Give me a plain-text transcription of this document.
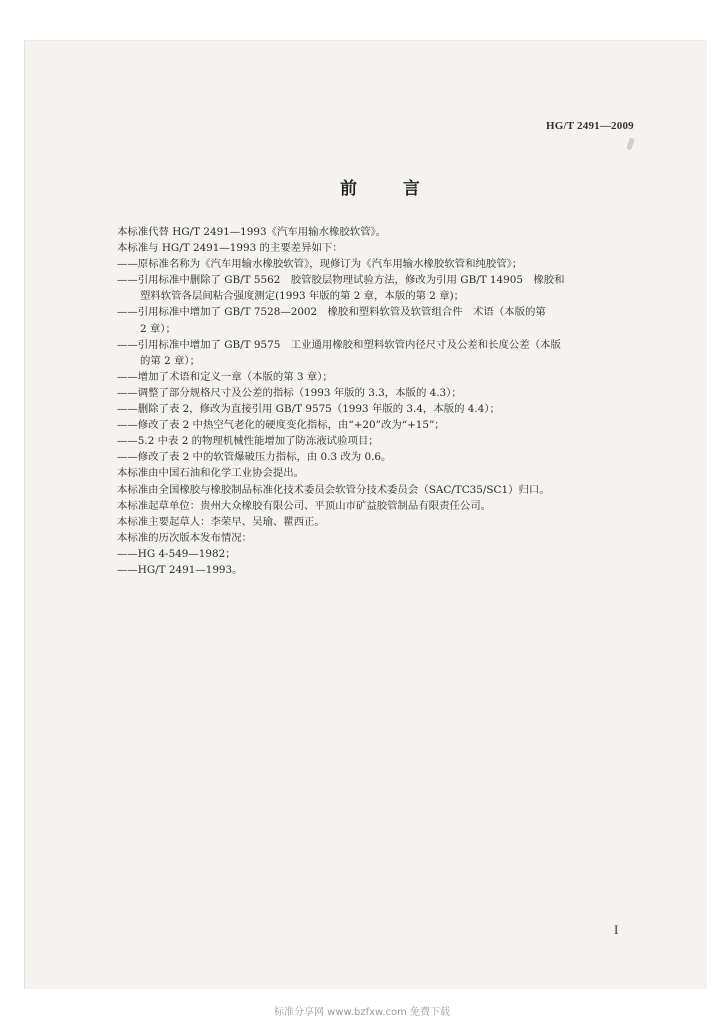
HG/T 2491—2009
前 言
本标准代替 HG/T 2491—1993《汽车用输水橡胶软管》。
本标准与 HG/T 2491—1993 的主要差异如下：
——原标准名称为《汽车用输水橡胶软管》，现修订为《汽车用输水橡胶软管和纯胶管》；
——引用标准中删除了 GB/T 5562　胶管胶层物理试验方法，修改为引用 GB/T 14905　橡胶和
塑料软管各层间粘合强度测定(1993 年版的第 2 章，本版的第 2 章)；
——引用标准中增加了 GB/T 7528—2002　橡胶和塑料软管及软管组合件　术语（本版的第
2 章）；
——引用标准中增加了 GB/T 9575　工业通用橡胶和塑料软管内径尺寸及公差和长度公差（本版
的第 2 章）；
——增加了术语和定义一章（本版的第 3 章）；
——调整了部分规格尺寸及公差的指标（1993 年版的 3.3，本版的 4.3）；
——删除了表 2，修改为直接引用 GB/T 9575（1993 年版的 3.4，本版的 4.4）；
——修改了表 2 中热空气老化的硬度变化指标，由“+20”改为“+15”；
——5.2 中表 2 的物理机械性能增加了防冻液试验项目；
——修改了表 2 中的软管爆破压力指标，由 0.3 改为 0.6。
本标准由中国石油和化学工业协会提出。
本标准由全国橡胶与橡胶制品标准化技术委员会软管分技术委员会（SAC/TC35/SC1）归口。
本标准起草单位：贵州大众橡胶有限公司、平顶山市矿益胶管制品有限责任公司。
本标准主要起草人：李荣早、吴瑜、瞿西正。
本标准的历次版本发布情况：
——HG 4-549—1982；
——HG/T 2491—1993。
I
标准分享网 www.bzfxw.com 免费下载
